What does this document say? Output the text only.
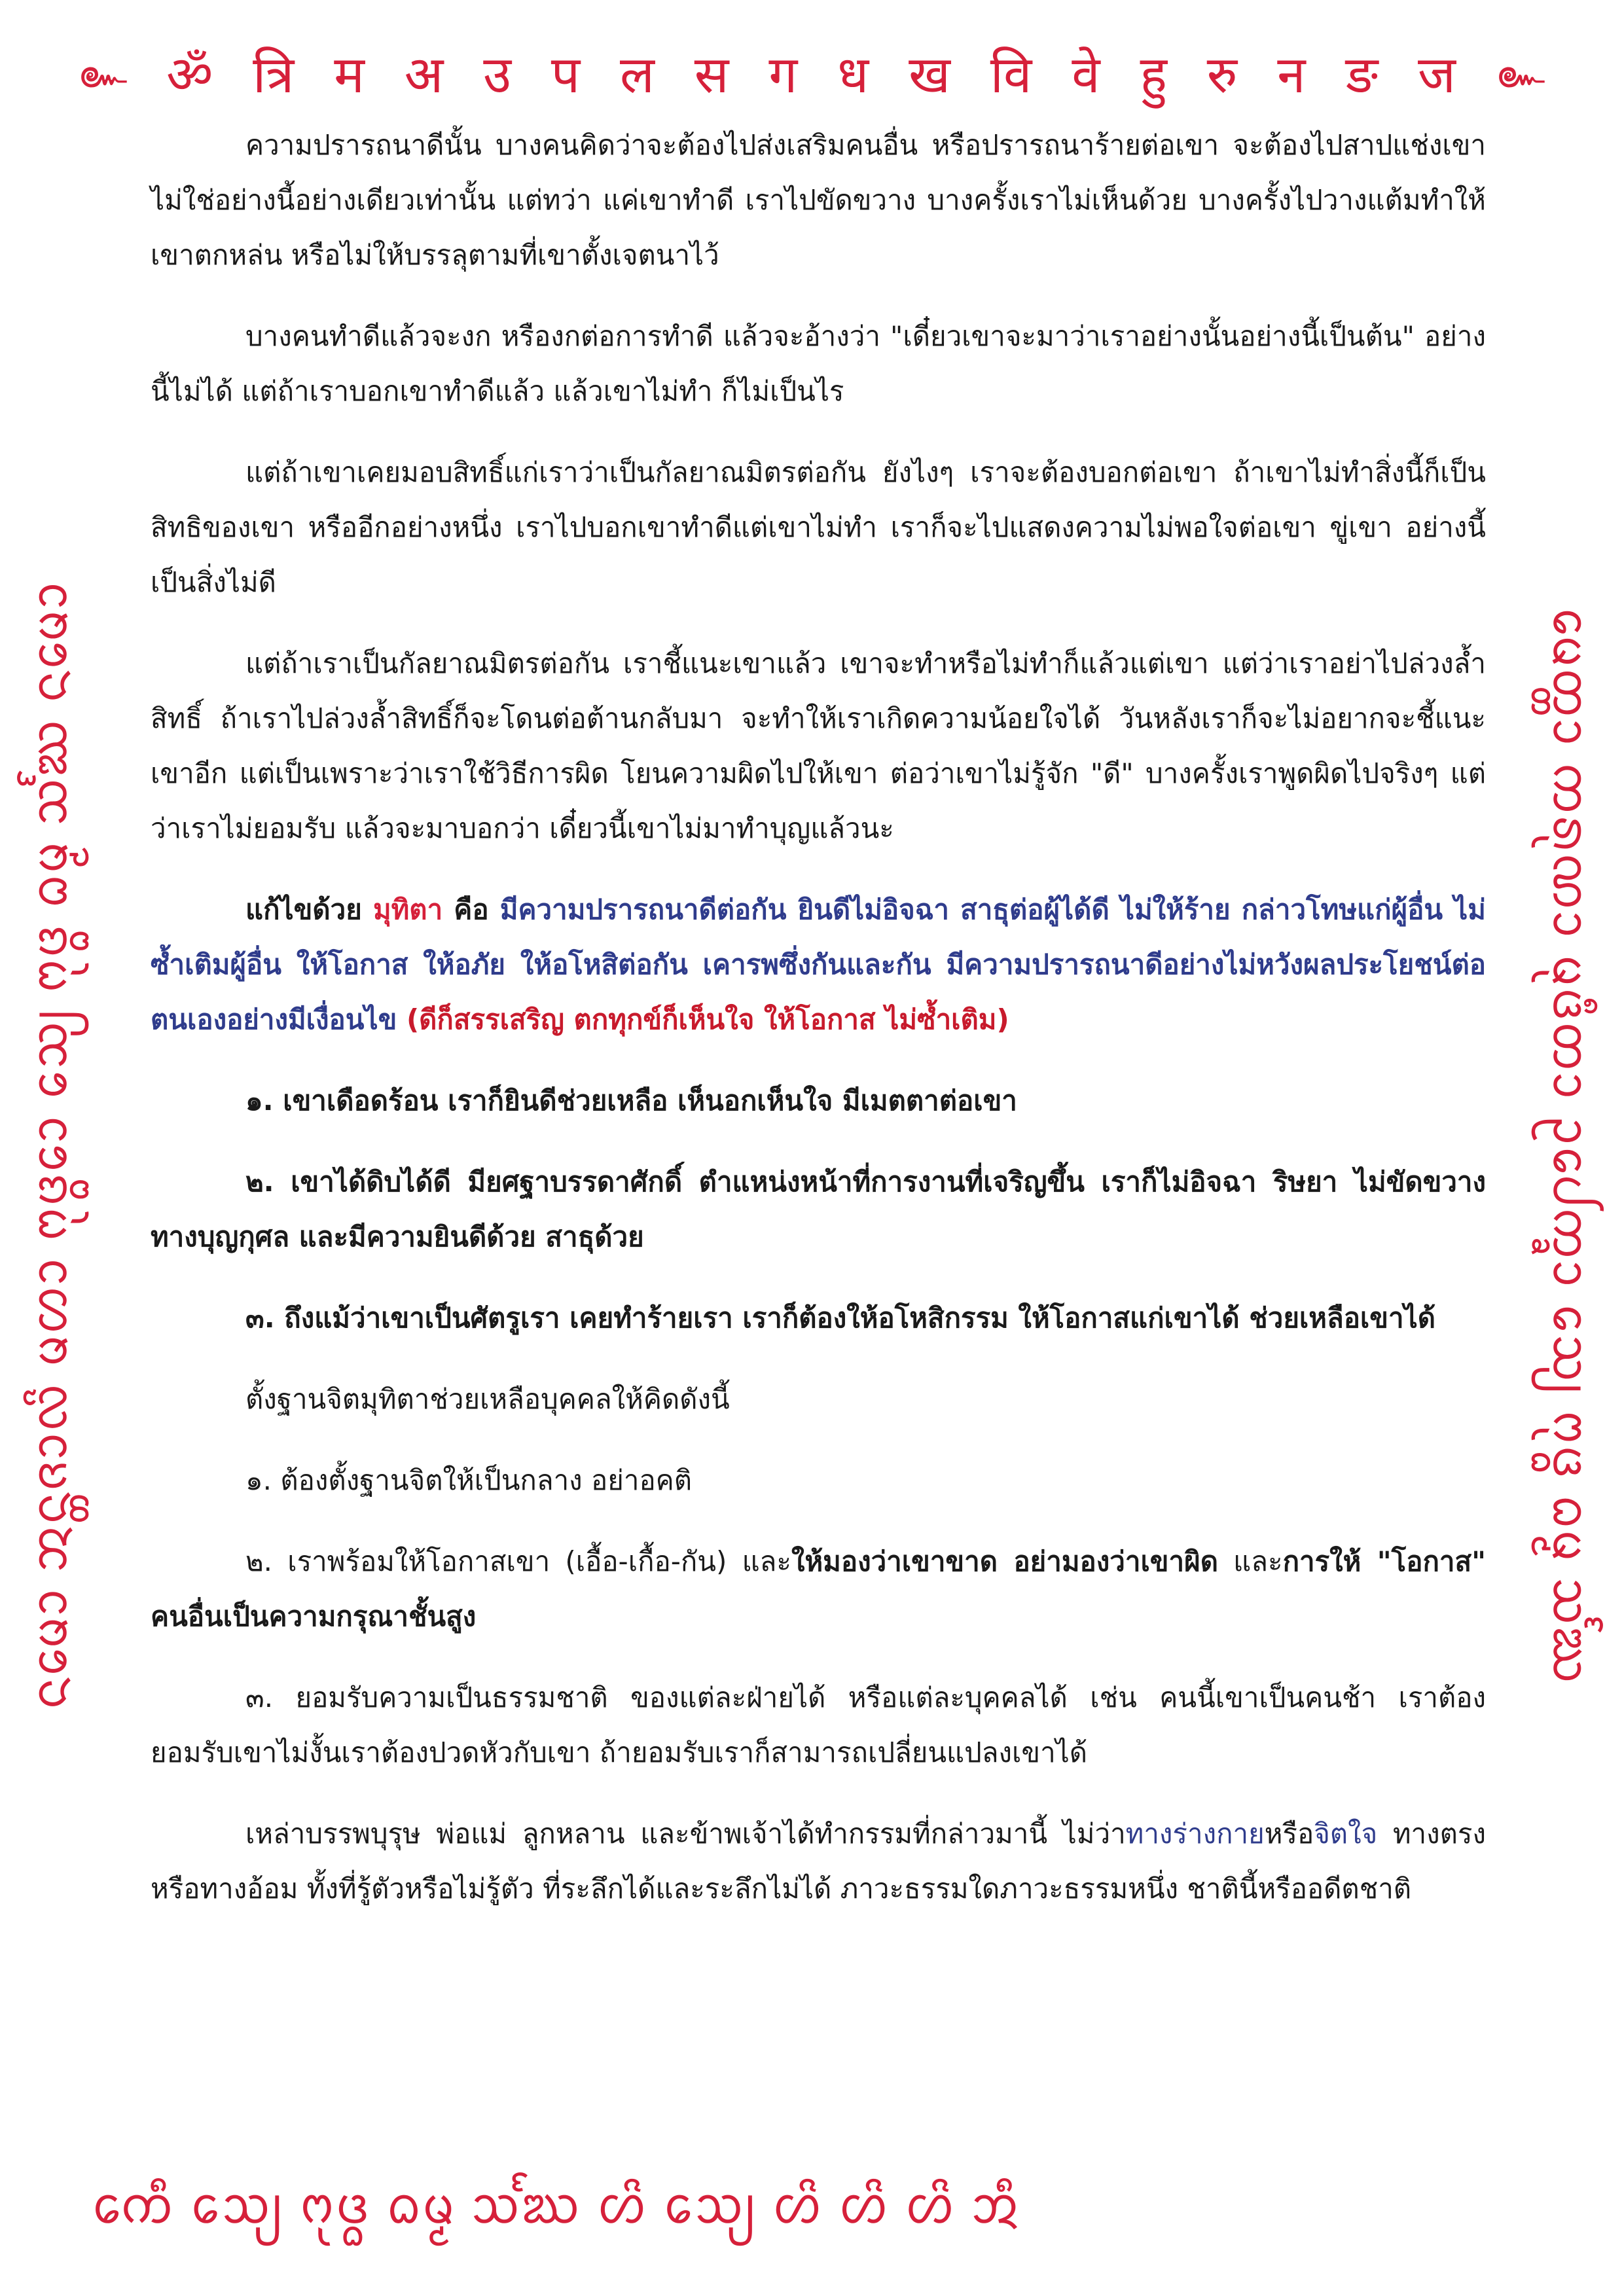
๛ ॐ त्रि म अ उ प ल स ग ध ख वि वे हु रु न ङ ज ๛
ᨶᨾᩮᩣ ᩋᨶ᩠ᨲᨩᩣᩃᩦ ᨾᩉᩣ ᨻᩩᨴ᩠ᨵᩮᩣ ᩈᩮ᩠ᨿ ᨻᩩᨴ᩠ᨵ ᨵᨾ᩠ᨾ ᩈᩘᨥ ᨶᨾᩮᩣ	ᨾᩮᨲ᩠ᨲᩣ ᨠᩁᩩᨱᩣ ᨾᩩᨴᩥᨲᩣ ᩏᨸᩮᨠ᩠ᨡᩣ ᩈᩮ᩠ᨿ ᨻᩩᨴ᩠ᨵ ᨵᨾ᩠ᨾ ᩈᩘᨥ

ความปรารถนาดีนั้น บางคนคิดว่าจะต้องไปส่งเสริมคนอื่น หรือปรารถนาร้ายต่อเขา จะต้องไปสาปแช่งเขา ไม่ใช่อย่างนี้อย่างเดียวเท่านั้น แต่ทว่า แค่เขาทำดี เราไปขัดขวาง บางครั้งเราไม่เห็นด้วย บางครั้งไปวางแต้มทำให้เขาตกหล่น หรือไม่ให้บรรลุตามที่เขาตั้งเจตนาไว้

บางคนทำดีแล้วจะงก หรืองกต่อการทำดี แล้วจะอ้างว่า "เดี๋ยวเขาจะมาว่าเราอย่างนั้นอย่างนี้เป็นต้น" อย่างนี้ไม่ได้ แต่ถ้าเราบอกเขาทำดีแล้ว แล้วเขาไม่ทำ ก็ไม่เป็นไร

แต่ถ้าเขาเคยมอบสิทธิ์แก่เราว่าเป็นกัลยาณมิตรต่อกัน ยังไงๆ เราจะต้องบอกต่อเขา ถ้าเขาไม่ทำสิ่งนี้ก็เป็นสิทธิของเขา หรืออีกอย่างหนึ่ง เราไปบอกเขาทำดีแต่เขาไม่ทำ เราก็จะไปแสดงความไม่พอใจต่อเขา ขู่เขา อย่างนี้เป็นสิ่งไม่ดี

แต่ถ้าเราเป็นกัลยาณมิตรต่อกัน เราชี้แนะเขาแล้ว เขาจะทำหรือไม่ทำก็แล้วแต่เขา แต่ว่าเราอย่าไปล่วงล้ำสิทธิ์ ถ้าเราไปล่วงล้ำสิทธิ์ก็จะโดนต่อต้านกลับมา จะทำให้เราเกิดความน้อยใจได้ วันหลังเราก็จะไม่อยากจะชี้แนะเขาอีก แต่เป็นเพราะว่าเราใช้วิธีการผิด โยนความผิดไปให้เขา ต่อว่าเขาไม่รู้จัก "ดี" บางครั้งเราพูดผิดไปจริงๆ แต่ว่าเราไม่ยอมรับ แล้วจะมาบอกว่า เดี๋ยวนี้เขาไม่มาทำบุญแล้วนะ

แก้ไขด้วย มุทิตา คือ มีความปรารถนาดีต่อกัน ยินดีไม่อิจฉา สาธุต่อผู้ได้ดี ไม่ให้ร้าย กล่าวโทษแก่ผู้อื่น ไม่ซ้ำเติมผู้อื่น ให้โอกาส ให้อภัย ให้อโหสิต่อกัน เคารพซึ่งกันและกัน มีความปรารถนาดีอย่างไม่หวังผลประโยชน์ต่อตนเองอย่างมีเงื่อนไข (ดีก็สรรเสริญ ตกทุกข์ก็เห็นใจ ให้โอกาส ไม่ซ้ำเติม)

๑. เขาเดือดร้อน เราก็ยินดีช่วยเหลือ เห็นอกเห็นใจ มีเมตตาต่อเขา

๒. เขาได้ดิบได้ดี มียศฐาบรรดาศักดิ์ ตำแหน่งหน้าที่การงานที่เจริญขึ้น เราก็ไม่อิจฉา ริษยา ไม่ขัดขวางทางบุญกุศล และมีความยินดีด้วย สาธุด้วย

๓. ถึงแม้ว่าเขาเป็นศัตรูเรา เคยทำร้ายเรา เราก็ต้องให้อโหสิกรรม ให้โอกาสแก่เขาได้ ช่วยเหลือเขาได้

ตั้งฐานจิตมุทิตาช่วยเหลือบุคคลให้คิดดังนี้

๑. ต้องตั้งฐานจิตให้เป็นกลาง อย่าอคติ

๒. เราพร้อมให้โอกาสเขา (เอื้อ-เกื้อ-กัน) และให้มองว่าเขาขาด อย่ามองว่าเขาผิด และการให้ "โอกาส" คนอื่นเป็นความกรุณาชั้นสูง

๓. ยอมรับความเป็นธรรมชาติ ของแต่ละฝ่ายได้ หรือแต่ละบุคคลได้ เช่น คนนี้เขาเป็นคนช้า เราต้องยอมรับเขาไม่งั้นเราต้องปวดหัวกับเขา ถ้ายอมรับเราก็สามารถเปลี่ยนแปลงเขาได้

เหล่าบรรพบุรุษ พ่อแม่ ลูกหลาน และข้าพเจ้าได้ทำกรรมที่กล่าวมานี้ ไม่ว่าทางร่างกายหรือจิตใจ ทางตรงหรือทางอ้อม ทั้งที่รู้ตัวหรือไม่รู้ตัว ที่ระลึกได้และระลึกไม่ได้ ภาวะธรรมใดภาวะธรรมหนึ่ง ชาตินี้หรืออดีตชาติ

ᨠᩮᩥ ᩈᩮ᩠ᨿ ᨻᩩᨴ᩠ᨵ ᨵᨾ᩠ᨾ ᩈᩘᨥ ᩉᩦ ᩈᩮ᩠ᨿ ᩉᩦ ᩉᩦ ᩉᩦ ᩋᩥ
